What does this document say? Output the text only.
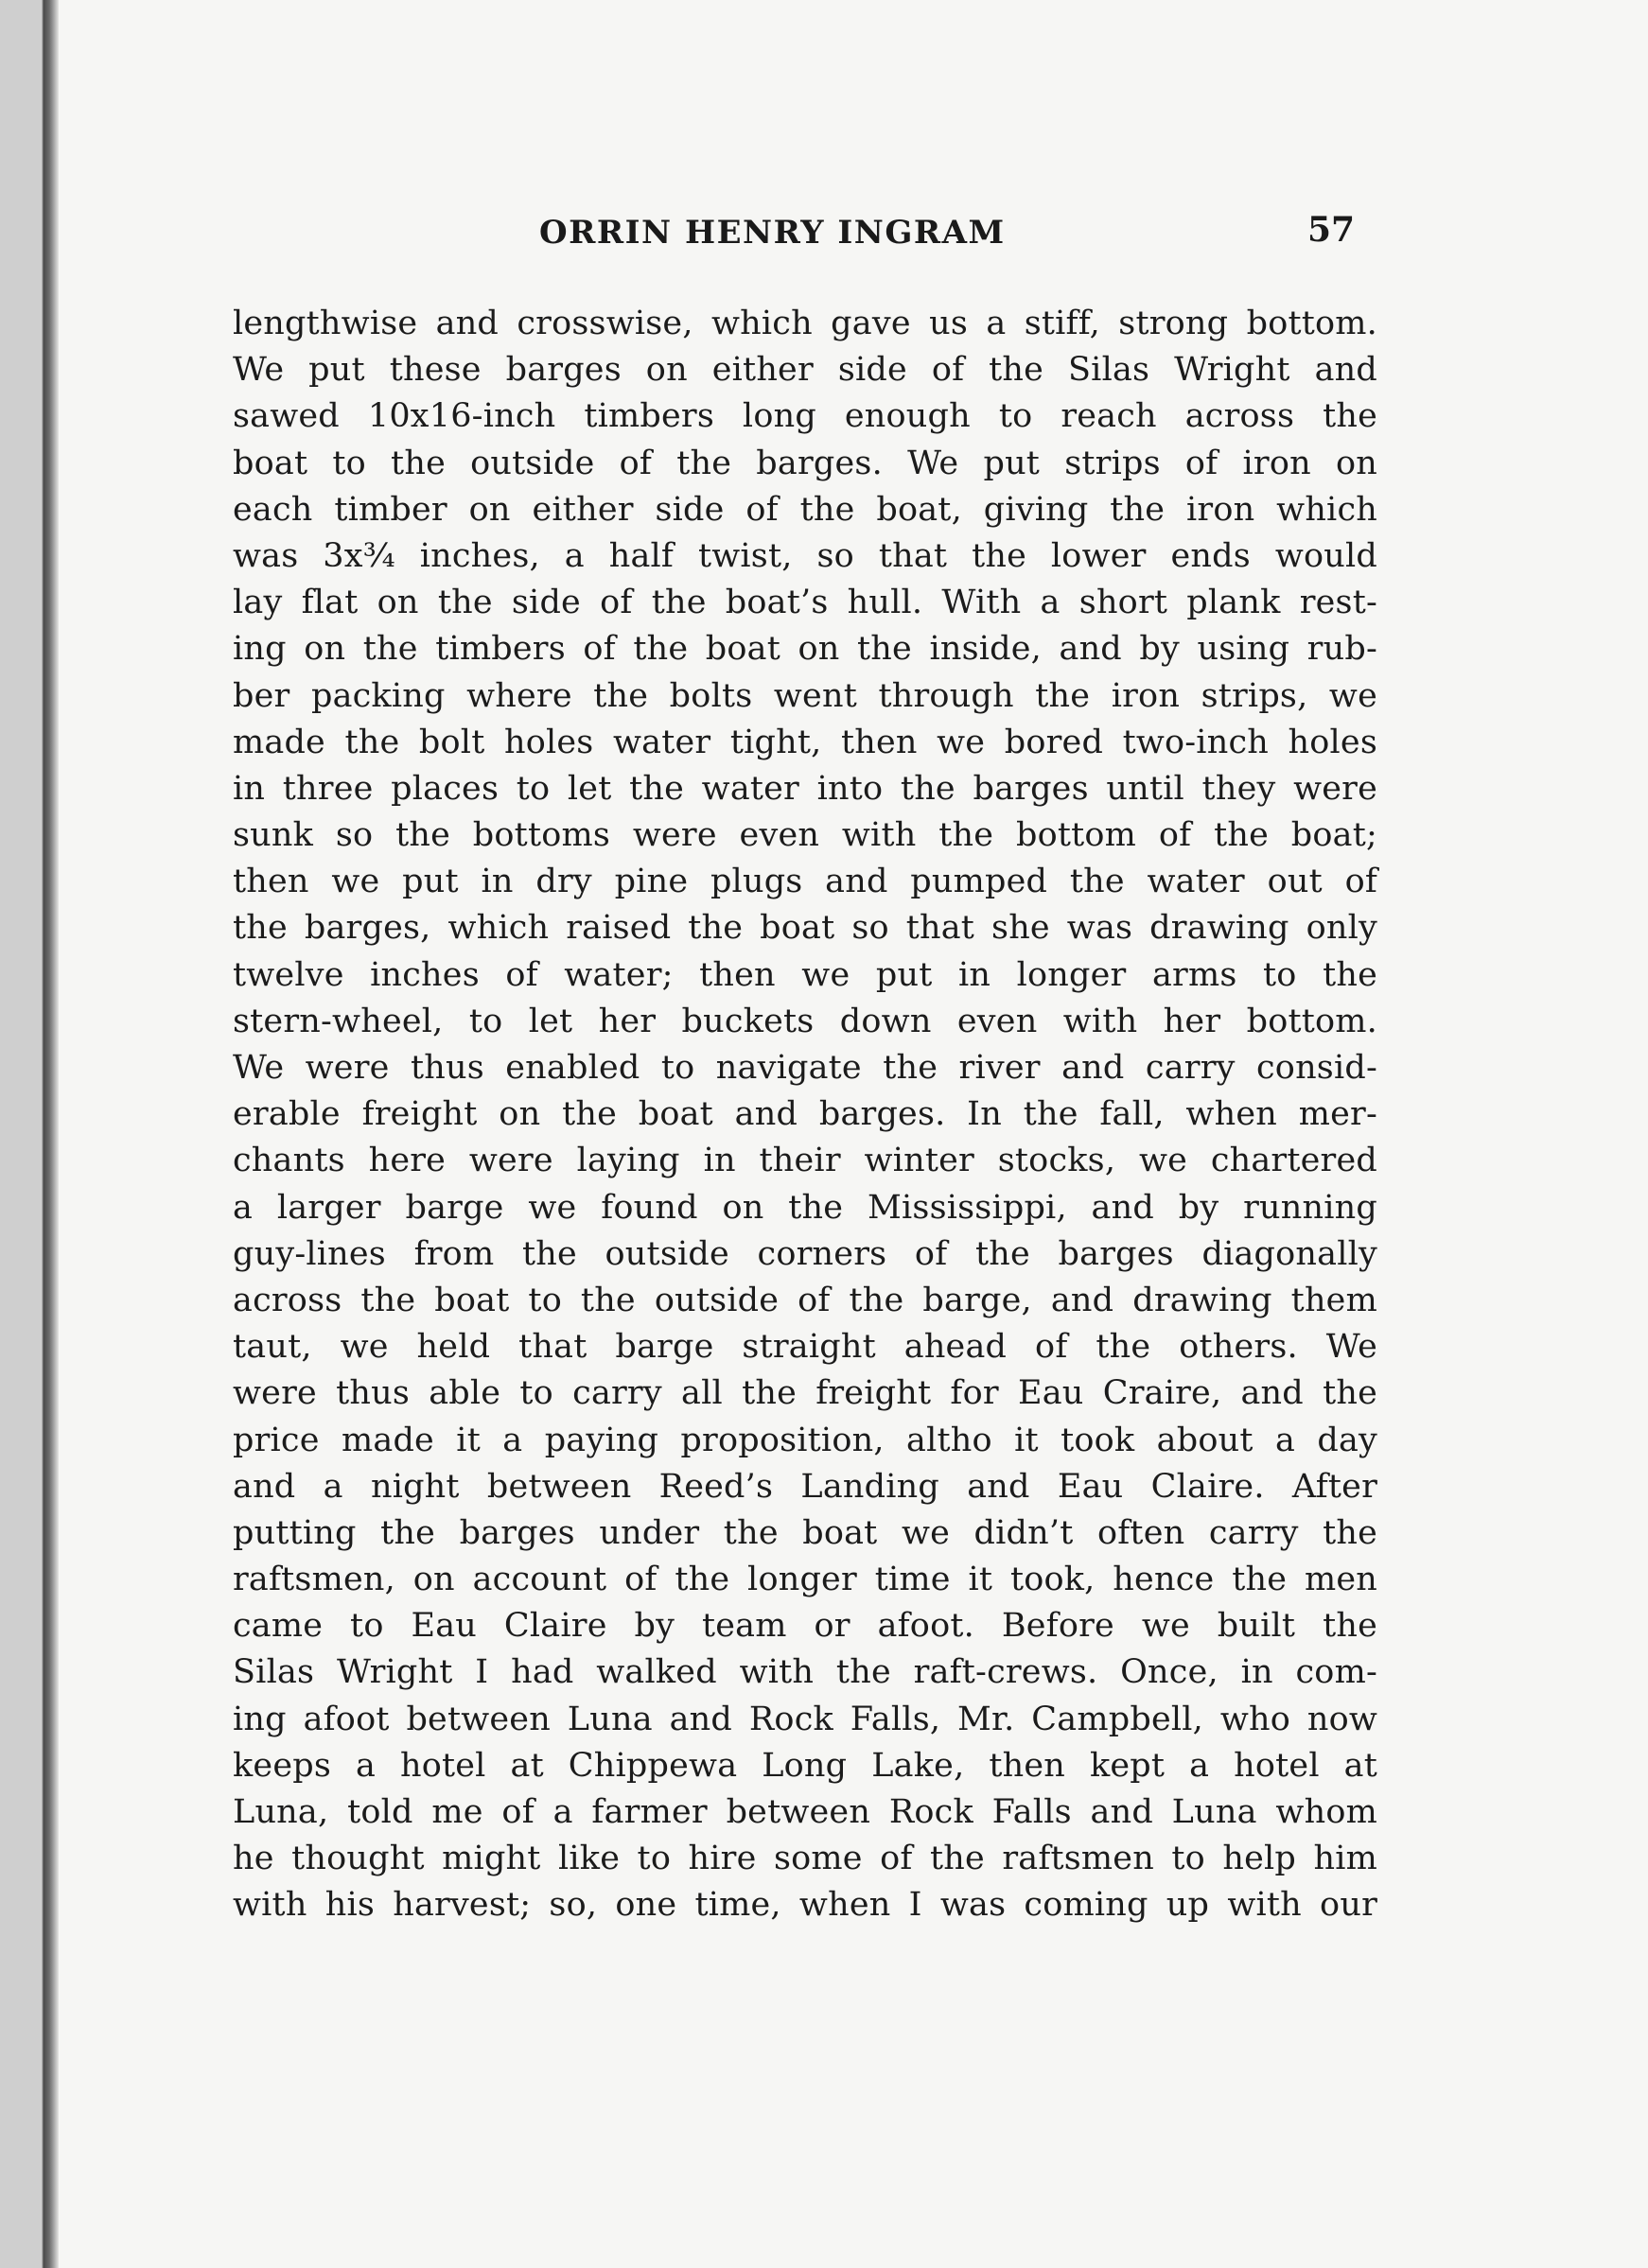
ORRIN HENRY INGRAM	57
lengthwise and crosswise, which gave us a stiff, strong bottom.
We put these barges on either side of the Silas Wright and
sawed 10x16-inch timbers long enough to reach across the
boat to the outside of the barges. We put strips of iron on
each timber on either side of the boat, giving the iron which
was 3x¾ inches, a half twist, so that the lower ends would
lay flat on the side of the boat’s hull. With a short plank rest-
ing on the timbers of the boat on the inside, and by using rub-
ber packing where the bolts went through the iron strips, we
made the bolt holes water tight, then we bored two-inch holes
in three places to let the water into the barges until they were
sunk so the bottoms were even with the bottom of the boat;
then we put in dry pine plugs and pumped the water out of
the barges, which raised the boat so that she was drawing only
twelve inches of water; then we put in longer arms to the
stern-wheel, to let her buckets down even with her bottom.
We were thus enabled to navigate the river and carry consid-
erable freight on the boat and barges. In the fall, when mer-
chants here were laying in their winter stocks, we chartered
a larger barge we found on the Mississippi, and by running
guy-lines from the outside corners of the barges diagonally
across the boat to the outside of the barge, and drawing them
taut, we held that barge straight ahead of the others. We
were thus able to carry all the freight for Eau Craire, and the
price made it a paying proposition, altho it took about a day
and a night between Reed’s Landing and Eau Claire. After
putting the barges under the boat we didn’t often carry the
raftsmen, on account of the longer time it took, hence the men
came to Eau Claire by team or afoot. Before we built the
Silas Wright I had walked with the raft-crews. Once, in com-
ing afoot between Luna and Rock Falls, Mr. Campbell, who now
keeps a hotel at Chippewa Long Lake, then kept a hotel at
Luna, told me of a farmer between Rock Falls and Luna whom
he thought might like to hire some of the raftsmen to help him
with his harvest; so, one time, when I was coming up with our
